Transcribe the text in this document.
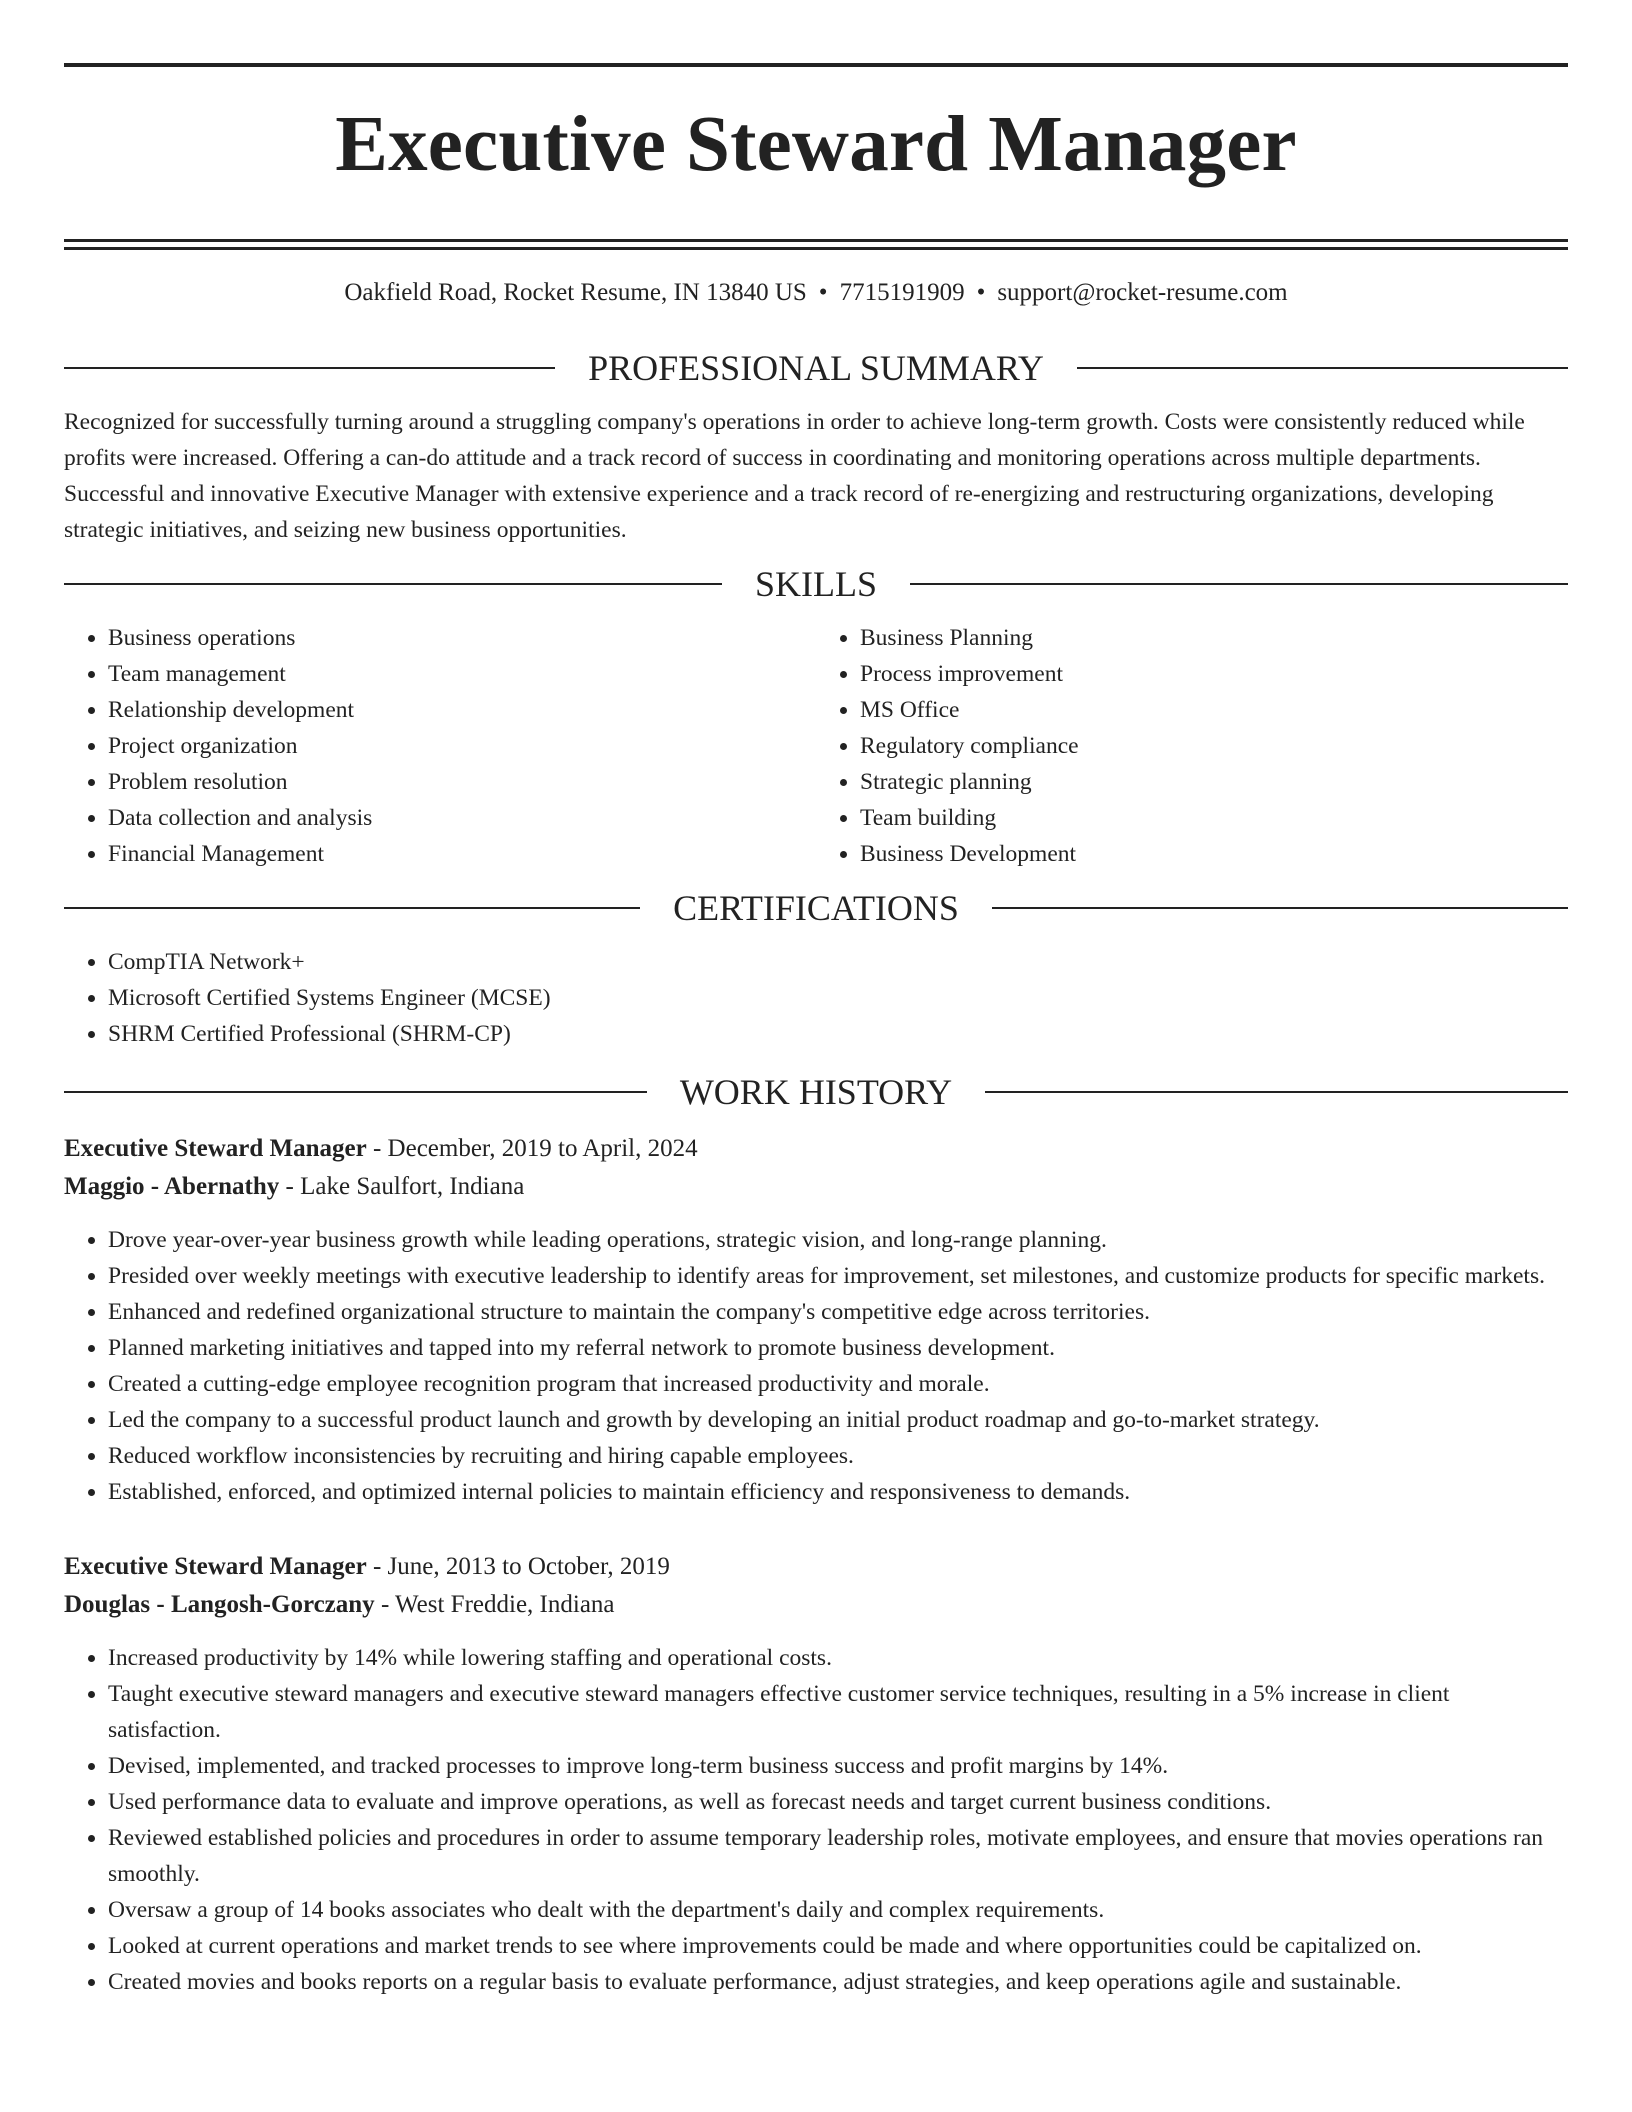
Executive Steward Manager
Oakfield Road, Rocket Resume, IN 13840 US • 7715191909 • support@rocket-resume.com
PROFESSIONAL SUMMARY

Recognized for successfully turning around a struggling company's operations in order to achieve long-term growth. Costs were consistently reduced while profits were increased. Offering a can-do attitude and a track record of success in coordinating and monitoring operations across multiple departments. Successful and innovative Executive Manager with extensive experience and a track record of re-energizing and restructuring organizations, developing strategic initiatives, and seizing new business opportunities.

SKILLS
• Business operations
• Team management
• Relationship development
• Project organization
• Problem resolution
• Data collection and analysis
• Financial Management
• Business Planning
• Process improvement
• MS Office
• Regulatory compliance
• Strategic planning
• Team building
• Business Development
CERTIFICATIONS
• CompTIA Network+
• Microsoft Certified Systems Engineer (MCSE)
• SHRM Certified Professional (SHRM-CP)
WORK HISTORY
Executive Steward Manager - December, 2019 to April, 2024
Maggio - Abernathy - Lake Saulfort, Indiana
• Drove year-over-year business growth while leading operations, strategic vision, and long-range planning.
• Presided over weekly meetings with executive leadership to identify areas for improvement, set milestones, and customize products for specific markets.
• Enhanced and redefined organizational structure to maintain the company's competitive edge across territories.
• Planned marketing initiatives and tapped into my referral network to promote business development.
• Created a cutting-edge employee recognition program that increased productivity and morale.
• Led the company to a successful product launch and growth by developing an initial product roadmap and go-to-market strategy.
• Reduced workflow inconsistencies by recruiting and hiring capable employees.
• Established, enforced, and optimized internal policies to maintain efficiency and responsiveness to demands.
Executive Steward Manager - June, 2013 to October, 2019
Douglas - Langosh-Gorczany - West Freddie, Indiana
• Increased productivity by 14% while lowering staffing and operational costs.
• Taught executive steward managers and executive steward managers effective customer service techniques, resulting in a 5% increase in client satisfaction.
• Devised, implemented, and tracked processes to improve long-term business success and profit margins by 14%.
• Used performance data to evaluate and improve operations, as well as forecast needs and target current business conditions.
• Reviewed established policies and procedures in order to assume temporary leadership roles, motivate employees, and ensure that movies operations ran smoothly.
• Oversaw a group of 14 books associates who dealt with the department's daily and complex requirements.
• Looked at current operations and market trends to see where improvements could be made and where opportunities could be capitalized on.
• Created movies and books reports on a regular basis to evaluate performance, adjust strategies, and keep operations agile and sustainable.
